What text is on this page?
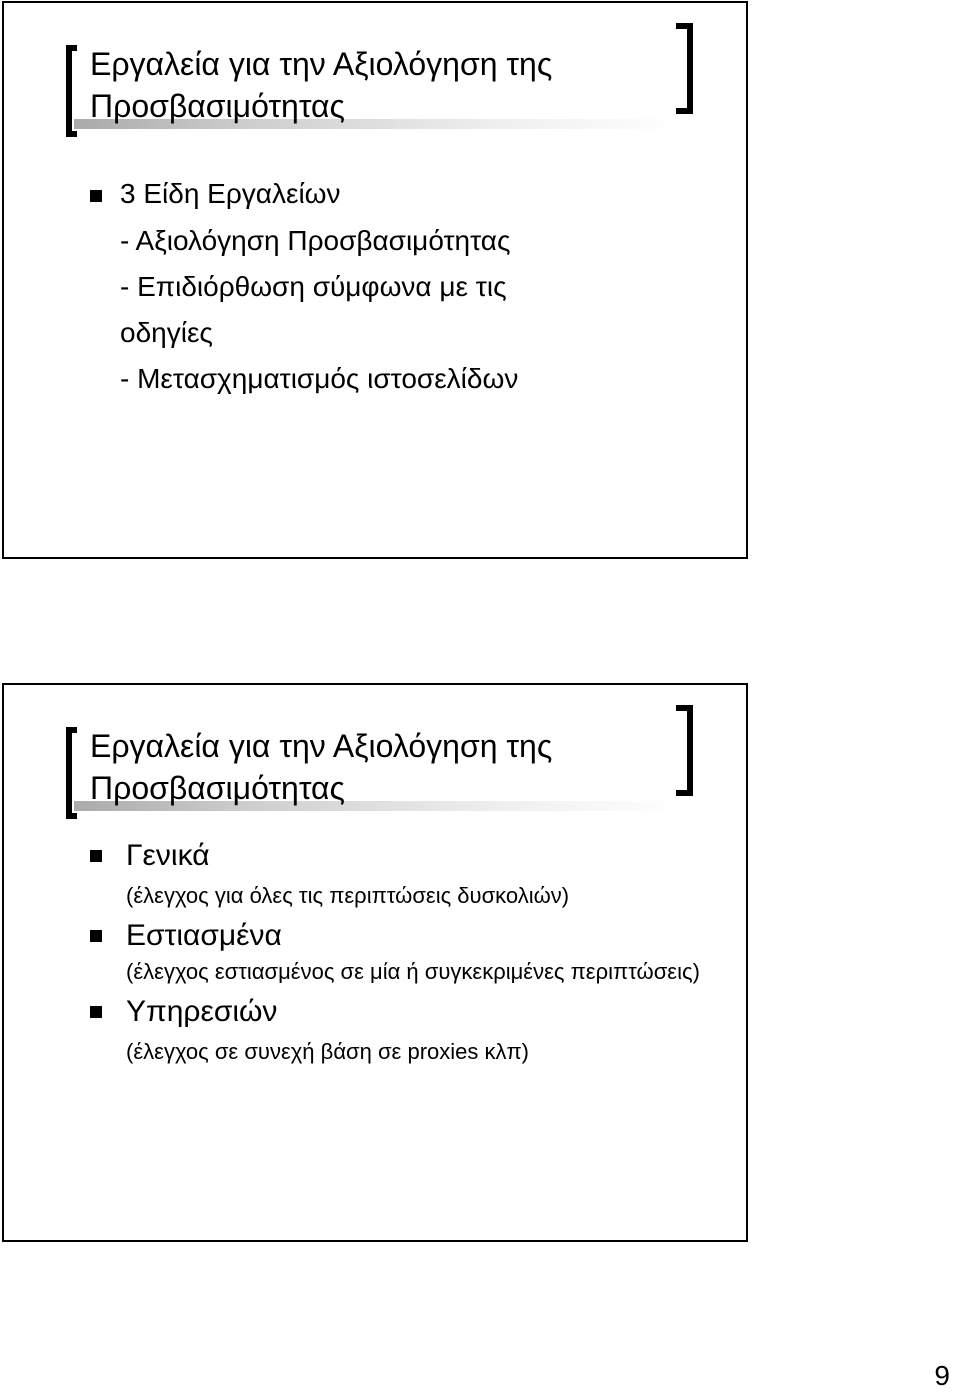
Εργαλεία για την Αξιολόγηση της Προσβασιμότητας
3 Είδη Εργαλείων
- Αξιολόγηση Προσβασιμότητας
- Επιδιόρθωση σύμφωνα με τις
οδηγίες
- Μετασχηματισμός ιστοσελίδων
Εργαλεία για την Αξιολόγηση της Προσβασιμότητας
Γενικά
(έλεγχος για όλες τις περιπτώσεις δυσκολιών)
Εστιασμένα
(έλεγχος εστιασμένος σε μία ή συγκεκριμένες περιπτώσεις)
Υπηρεσιών
(έλεγχος σε συνεχή βάση σε proxies κλπ)
9
